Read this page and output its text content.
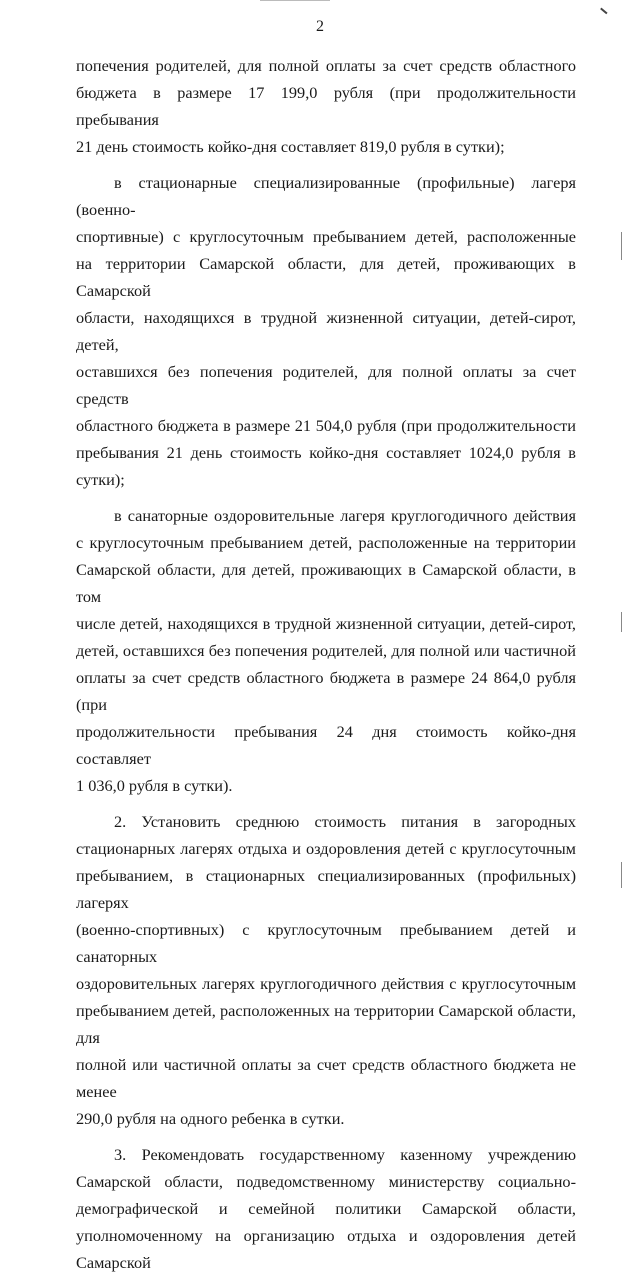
2

попечения родителей, для полной оплаты за счет средств областного

бюджета в размере 17 199,0 рубля (при продолжительности пребывания

21 день стоимость койко-дня составляет 819,0 рубля в сутки);

в стационарные специализированные (профильные) лагеря (военно-

спортивные) с круглосуточным пребыванием детей, расположенные

на территории Самарской области, для детей, проживающих в Самарской

области, находящихся в трудной жизненной ситуации, детей-сирот, детей,

оставшихся без попечения родителей, для полной оплаты за счет средств

областного бюджета в размере 21 504,0 рубля (при продолжительности

пребывания 21 день стоимость койко-дня составляет 1024,0 рубля в сутки);

в санаторные оздоровительные лагеря круглогодичного действия

с круглосуточным пребыванием детей, расположенные на территории

Самарской области, для детей, проживающих в Самарской области, в том

числе детей, находящихся в трудной жизненной ситуации, детей-сирот,

детей, оставшихся без попечения родителей, для полной или частичной

оплаты за счет средств областного бюджета в размере 24 864,0 рубля (при

продолжительности пребывания 24 дня стоимость койко-дня составляет

1 036,0 рубля в сутки).

2. Установить среднюю стоимость питания в загородных

стационарных лагерях отдыха и оздоровления детей с круглосуточным

пребыванием, в стационарных специализированных (профильных) лагерях

(военно-спортивных) с круглосуточным пребыванием детей и санаторных

оздоровительных лагерях круглогодичного действия с круглосуточным

пребыванием детей, расположенных на территории Самарской области, для

полной или частичной оплаты за счет средств областного бюджета не менее

290,0 рубля на одного ребенка в сутки.

3. Рекомендовать государственному казенному учреждению

Самарской области, подведомственному министерству социально-

демографической и семейной политики Самарской области,

уполномоченному на организацию отдыха и оздоровления детей Самарской
